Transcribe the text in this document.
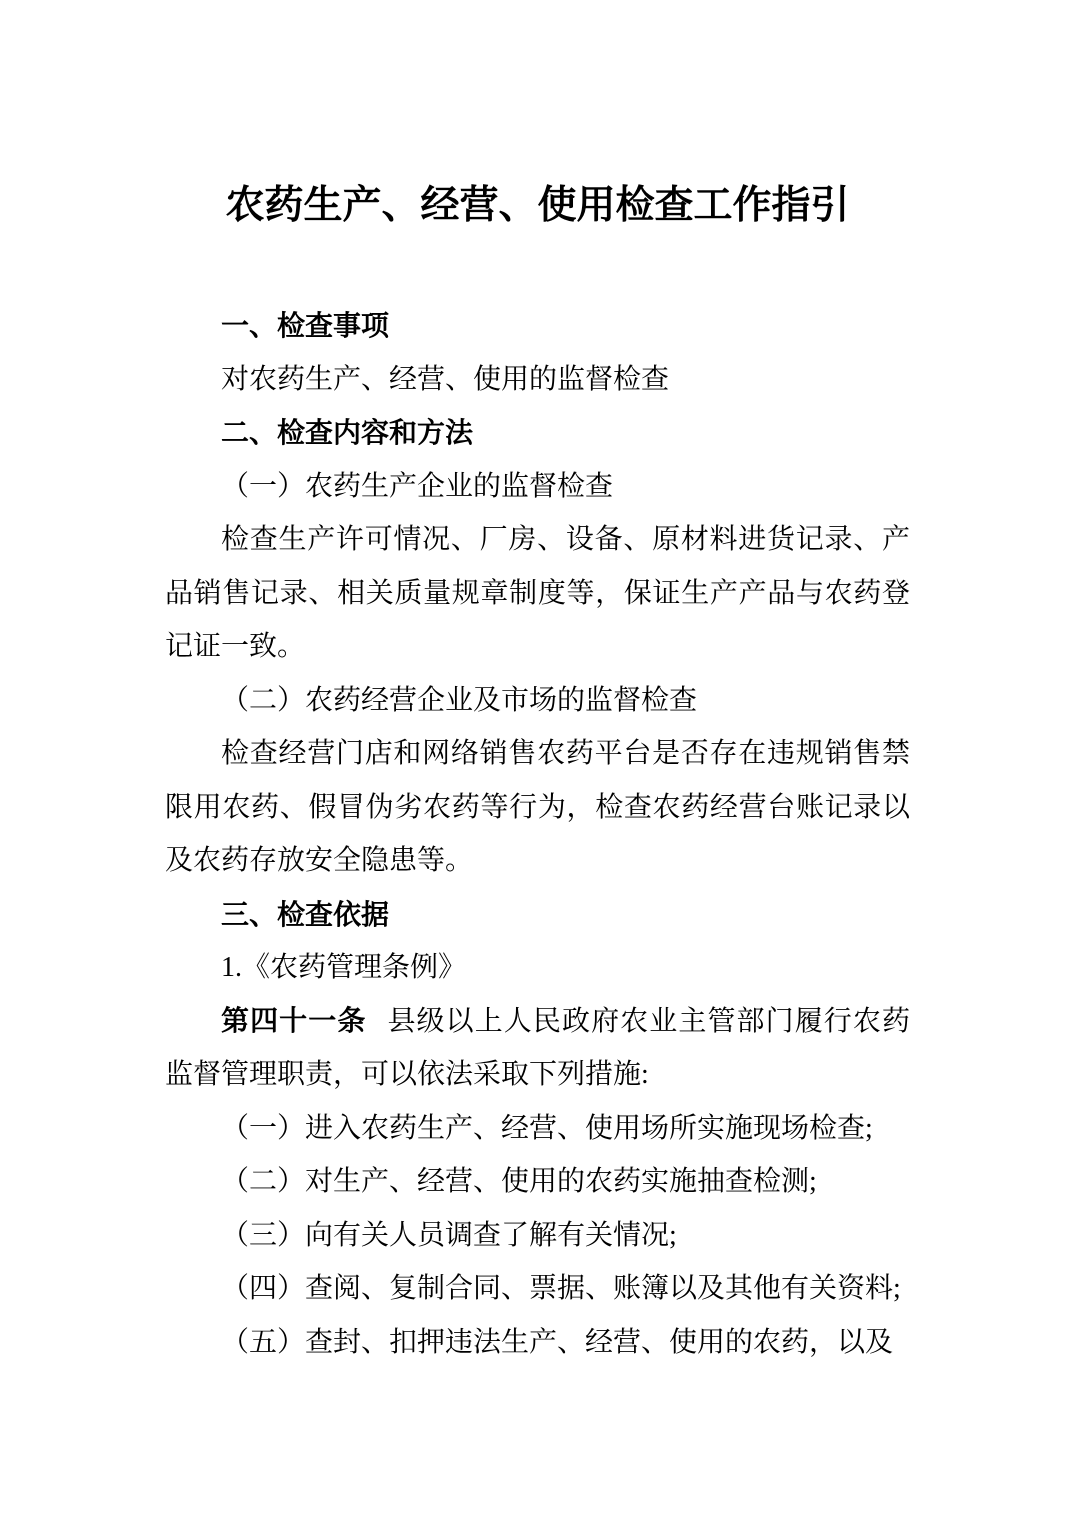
农药生产、经营、使用检查工作指引

一、检查事项

对农药生产、经营、使用的监督检查

二、检查内容和方法

（一）农药生产企业的监督检查

检查生产许可情况、厂房、设备、原材料进货记录、产品销售记录、相关质量规章制度等，保证生产产品与农药登记证一致。

（二）农药经营企业及市场的监督检查

检查经营门店和网络销售农药平台是否存在违规销售禁限用农药、假冒伪劣农药等行为，检查农药经营台账记录以及农药存放安全隐患等。

三、检查依据

1.《农药管理条例》

第四十一条 县级以上人民政府农业主管部门履行农药监督管理职责，可以依法采取下列措施:

（一）进入农药生产、经营、使用场所实施现场检查;

（二）对生产、经营、使用的农药实施抽查检测;

（三）向有关人员调查了解有关情况;

（四）查阅、复制合同、票据、账簿以及其他有关资料;

（五）查封、扣押违法生产、经营、使用的农药，以及
